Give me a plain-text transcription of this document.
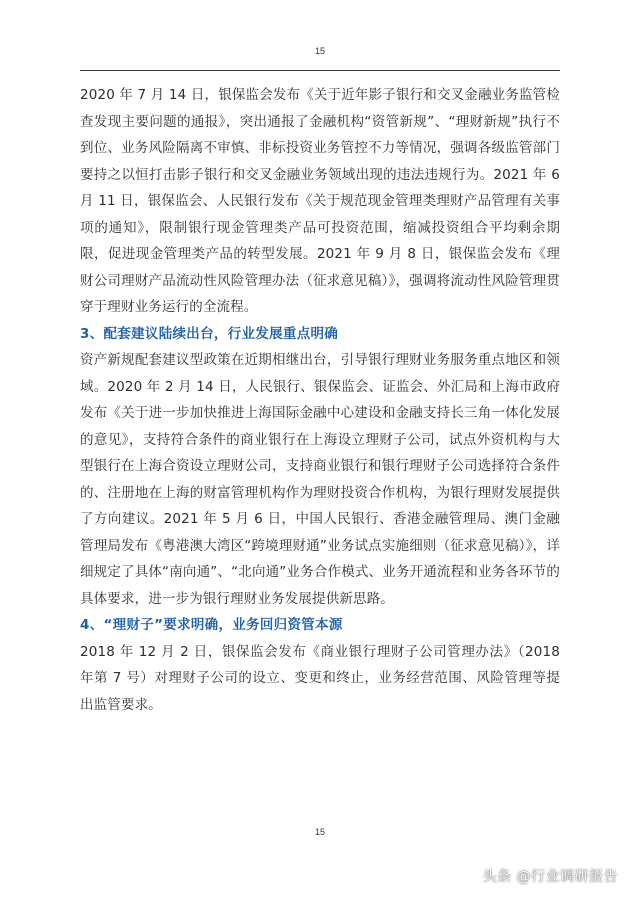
15

2020 年 7 月 14 日，银保监会发布《关于近年影子银行和交叉金融业务监管检查发现主要问题的通报》，突出通报了金融机构“资管新规”、“理财新规”执行不到位、业务风险隔离不审慎、非标投资业务管控不力等情况，强调各级监管部门要持之以恒打击影子银行和交叉金融业务领域出现的违法违规行为。2021 年 6 月 11 日，银保监会、人民银行发布《关于规范现金管理类理财产品管理有关事项的通知》，限制银行现金管理类产品可投资范围，缩减投资组合平均剩余期限，促进现金管理类产品的转型发展。2021 年 9 月 8 日，银保监会发布《理财公司理财产品流动性风险管理办法（征求意见稿）》，强调将流动性风险管理贯穿于理财业务运行的全流程。

3、配套建议陆续出台，行业发展重点明确

资产新规配套建议型政策在近期相继出台，引导银行理财业务服务重点地区和领域。2020 年 2 月 14 日，人民银行、银保监会、证监会、外汇局和上海市政府发布《关于进一步加快推进上海国际金融中心建设和金融支持长三角一体化发展的意见》，支持符合条件的商业银行在上海设立理财子公司，试点外资机构与大型银行在上海合资设立理财公司，支持商业银行和银行理财子公司选择符合条件的、注册地在上海的财富管理机构作为理财投资合作机构，为银行理财发展提供了方向建议。2021 年 5 月 6 日，中国人民银行、香港金融管理局、澳门金融管理局发布《粤港澳大湾区“跨境理财通”业务试点实施细则（征求意见稿）》，详细规定了具体“南向通”、“北向通”业务合作模式、业务开通流程和业务各环节的具体要求，进一步为银行理财业务发展提供新思路。

4、“理财子”要求明确，业务回归资管本源

2018 年 12 月 2 日，银保监会发布《商业银行理财子公司管理办法》（2018 年第 7 号）对理财子公司的设立、变更和终止，业务经营范围、风险管理等提出监管要求。

15
头条 @行业调研报告
